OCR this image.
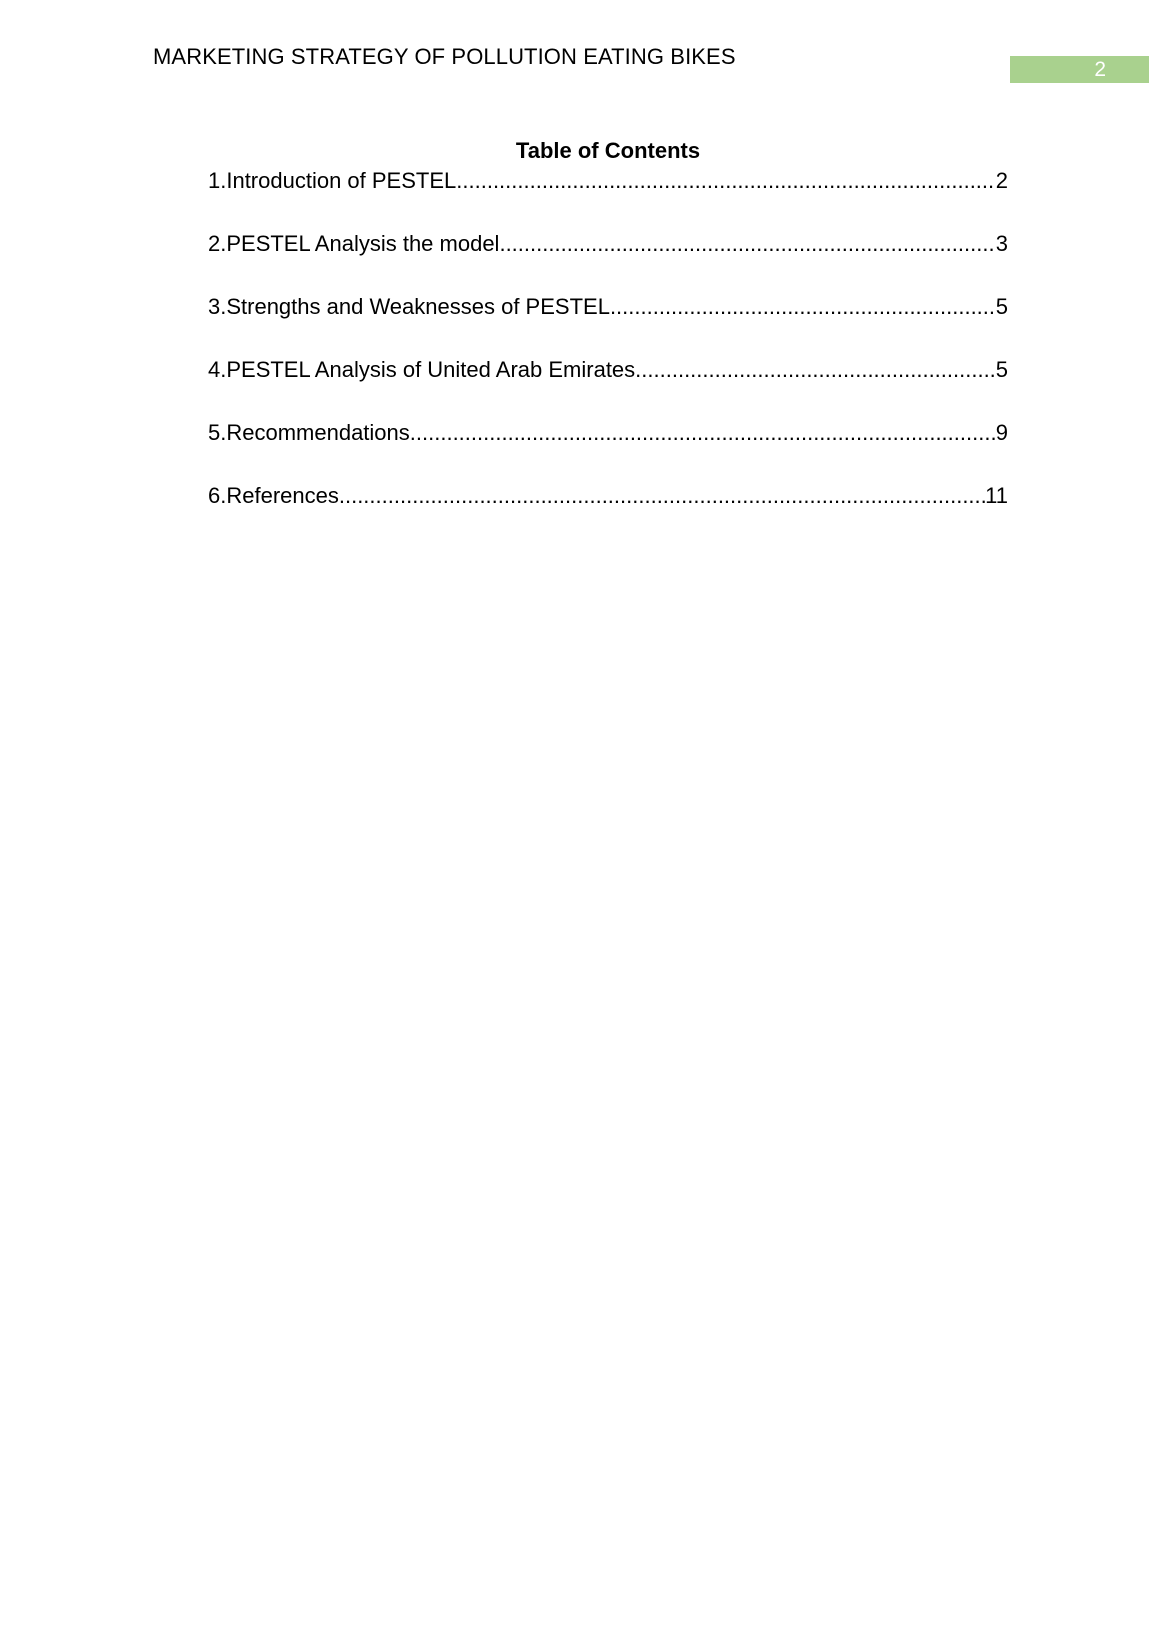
MARKETING STRATEGY OF POLLUTION EATING BIKES
2
Table of Contents
1.Introduction of PESTEL .....	2
2.PESTEL Analysis the model .....	3
3.Strengths and Weaknesses of PESTEL .....	5
4.PESTEL Analysis of United Arab Emirates .....	5
5.Recommendations .....	9
6.References .....	11
